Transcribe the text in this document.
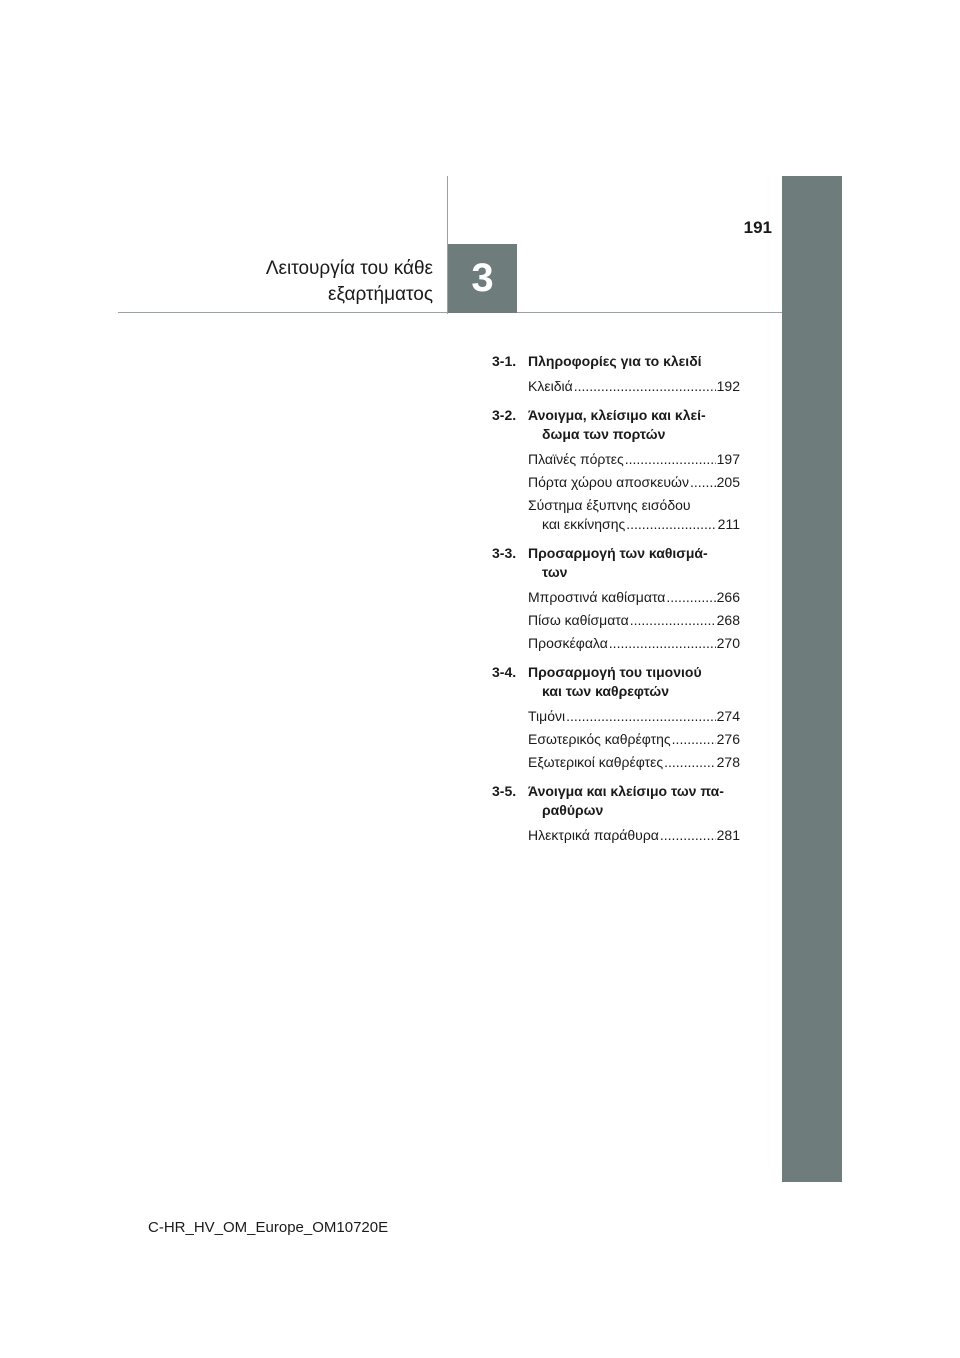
191
Λειτουργία του κάθε
εξαρτήματος 3
3-1. Πληροφορίες για το κλειδί
Κλειδιά .....	192
3-2. Άνοιγμα, κλείσιμο και κλεί-
δωμα των πορτών
Πλαϊνές πόρτες .....	197
Πόρτα χώρου αποσκευών ..... 205
Σύστημα έξυπνης εισόδου
και εκκίνησης .....	211
3-3. Προσαρμογή των καθισμά-
των
Μπροστινά καθίσματα .....	266
Πίσω καθίσματα .....	268
Προσκέφαλα .....	270
3-4. Προσαρμογή του τιμονιού
και των καθρεφτών
Τιμόνι .....	274
Εσωτερικός καθρέφτης .....	276
Εξωτερικοί καθρέφτες .....	278
3-5. Άνοιγμα και κλείσιμο των πα-
ραθύρων
Ηλεκτρικά παράθυρα .....	281
C-HR_HV_OM_Europe_OM10720E
